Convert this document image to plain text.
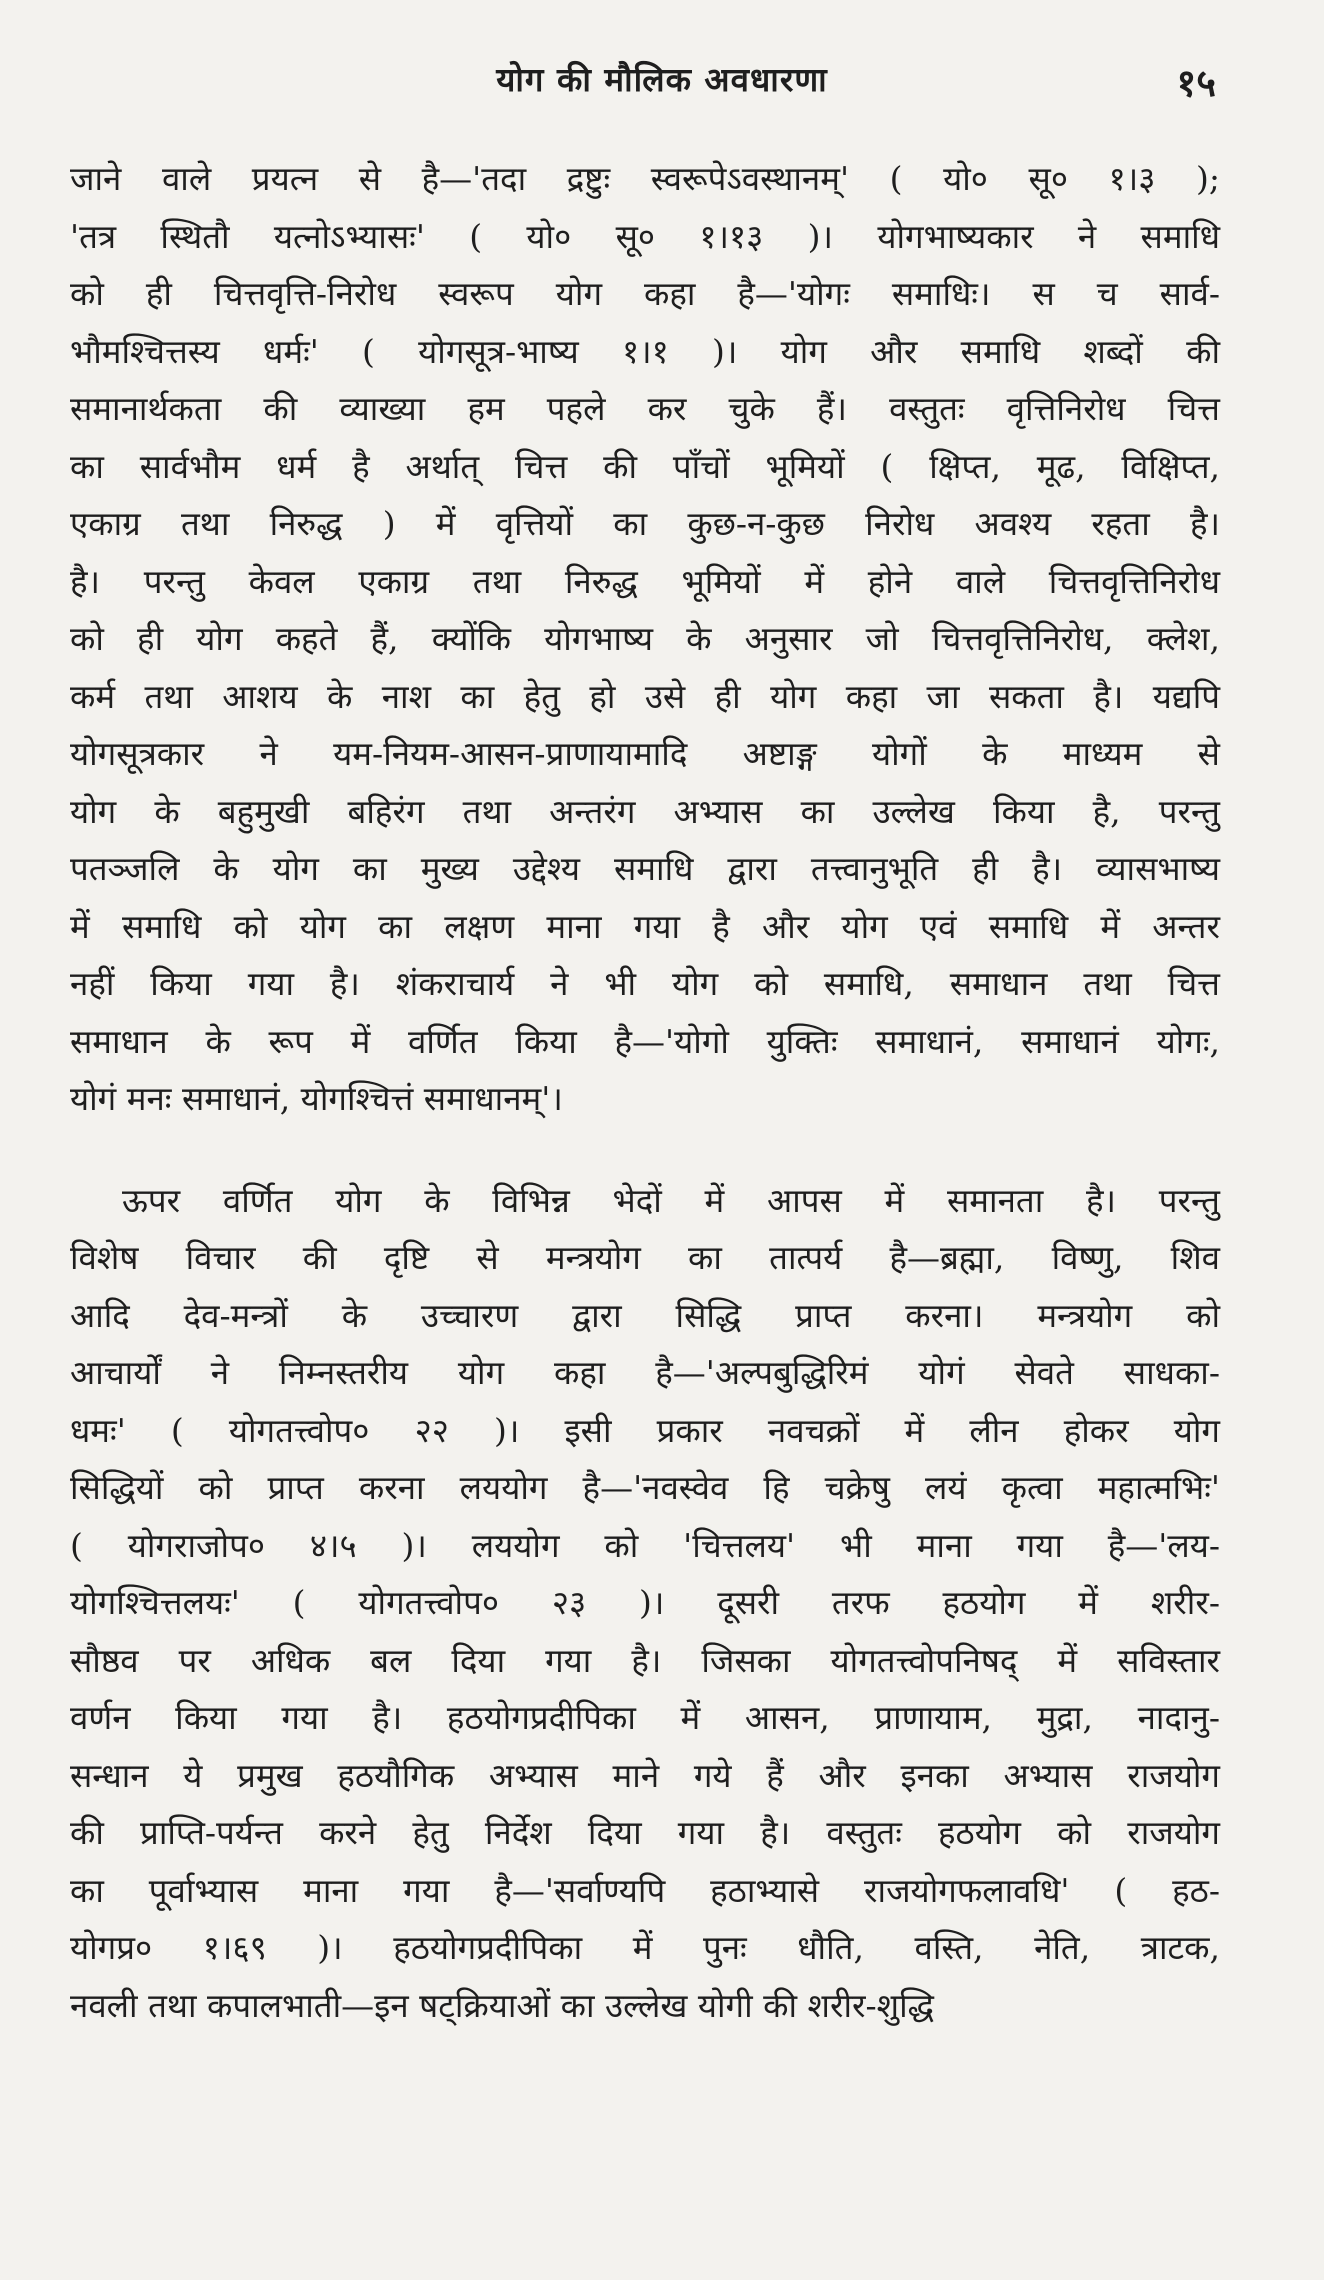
योग की मौलिक अवधारणा	१५
जाने वाले प्रयत्न से है—'तदा द्रष्टुः स्वरूपेऽवस्थानम्' ( यो० सू० १।३ );
'तत्र स्थितौ यत्नोऽभ्यासः' ( यो० सू० १।१३ )। योगभाष्यकार ने समाधि
को ही चित्तवृत्ति-निरोध स्वरूप योग कहा है—'योगः समाधिः। स च सार्व-
भौमश्चित्तस्य धर्मः' ( योगसूत्र-भाष्य १।१ )। योग और समाधि शब्दों की
समानार्थकता की व्याख्या हम पहले कर चुके हैं। वस्तुतः वृत्तिनिरोध चित्त
का सार्वभौम धर्म है अर्थात् चित्त की पाँचों भूमियों ( क्षिप्त, मूढ, विक्षिप्त,
एकाग्र तथा निरुद्ध ) में वृत्तियों का कुछ-न-कुछ निरोध अवश्य रहता है।
है। परन्तु केवल एकाग्र तथा निरुद्ध भूमियों में होने वाले चित्तवृत्तिनिरोध
को ही योग कहते हैं, क्योंकि योगभाष्य के अनुसार जो चित्तवृत्तिनिरोध, क्लेश,
कर्म तथा आशय के नाश का हेतु हो उसे ही योग कहा जा सकता है। यद्यपि
योगसूत्रकार ने यम-नियम-आसन-प्राणायामादि अष्टाङ्ग योगों के माध्यम से
योग के बहुमुखी बहिरंग तथा अन्तरंग अभ्यास का उल्लेख किया है, परन्तु
पतञ्जलि के योग का मुख्य उद्देश्य समाधि द्वारा तत्त्वानुभूति ही है। व्यासभाष्य
में समाधि को योग का लक्षण माना गया है और योग एवं समाधि में अन्तर
नहीं किया गया है। शंकराचार्य ने भी योग को समाधि, समाधान तथा चित्त
समाधान के रूप में वर्णित किया है—'योगो युक्तिः समाधानं, समाधानं योगः,
योगं मनः समाधानं, योगश्चित्तं समाधानम्'।
ऊपर वर्णित योग के विभिन्न भेदों में आपस में समानता है। परन्तु
विशेष विचार की दृष्टि से मन्त्रयोग का तात्पर्य है—ब्रह्मा, विष्णु, शिव
आदि देव-मन्त्रों के उच्चारण द्वारा सिद्धि प्राप्त करना। मन्त्रयोग को
आचार्यों ने निम्नस्तरीय योग कहा है—'अल्पबुद्धिरिमं योगं सेवते साधका-
धमः' ( योगतत्त्वोप० २२ )। इसी प्रकार नवचक्रों में लीन होकर योग
सिद्धियों को प्राप्त करना लययोग है—'नवस्वेव हि चक्रेषु लयं कृत्वा महात्मभिः'
( योगराजोप० ४।५ )। लययोग को 'चित्तलय' भी माना गया है—'लय-
योगश्चित्तलयः' ( योगतत्त्वोप० २३ )। दूसरी तरफ हठयोग में शरीर-
सौष्ठव पर अधिक बल दिया गया है। जिसका योगतत्त्वोपनिषद् में सविस्तार
वर्णन किया गया है। हठयोगप्रदीपिका में आसन, प्राणायाम, मुद्रा, नादानु-
सन्धान ये प्रमुख हठयौगिक अभ्यास माने गये हैं और इनका अभ्यास राजयोग
की प्राप्ति-पर्यन्त करने हेतु निर्देश दिया गया है। वस्तुतः हठयोग को राजयोग
का पूर्वाभ्यास माना गया है—'सर्वाण्यपि हठाभ्यासे राजयोगफलावधि' ( हठ-
योगप्र० १।६९ )। हठयोगप्रदीपिका में पुनः धौति, वस्ति, नेति, त्राटक,
नवली तथा कपालभाती—इन षट्क्रियाओं का उल्लेख योगी की शरीर-शुद्धि
